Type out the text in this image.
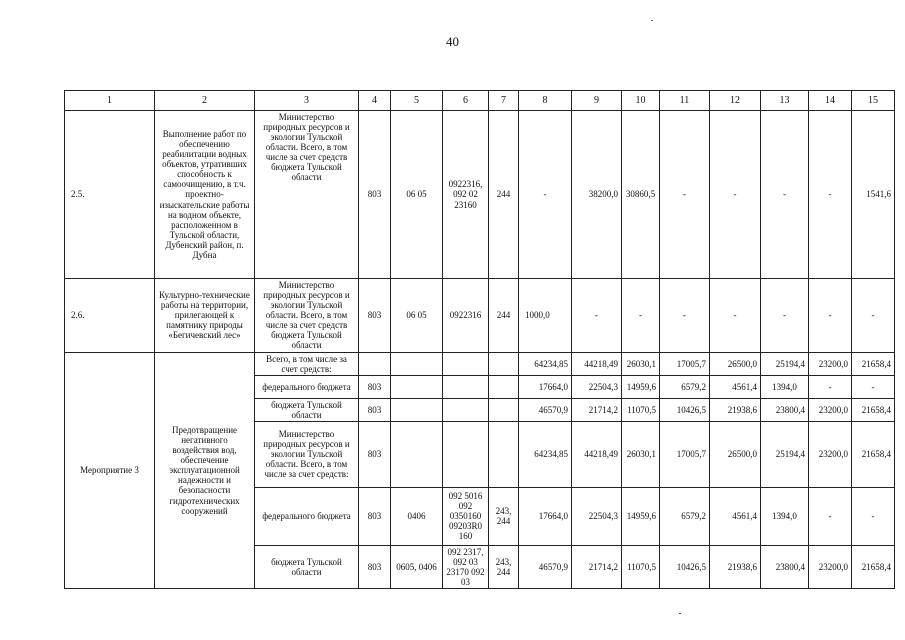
40
1	2	3	4	5	6	7	8	9	10	11	12	13	14	15
2.5.	Выполнение работ по обеспечению реабилитации водных объектов, утративших способность к самоочищению, в т.ч. проектно-изыскательские работы на водном объекте, расположенном в Тульской области, Дубенский район, п. Дубна	Министерство природных ресурсов и экологии Тульской области. Всего, в том числе за счет средств бюджета Тульской области	803	06 05	0922316, 092 02 23160	244	-	38200,0	30860,5	-	-	-	-	1541,6
2.6.	Культурно-технические работы на территории, прилегающей к памятнику природы «Бегичевский лес»	Министерство природных ресурсов и экологии Тульской области. Всего, в том числе за счет средств бюджета Тульской области	803	06 05	0922316	244	1000,0	-	-	-	-	-	-	-
Мероприятие 3	Предотвращение негативного воздействия вод, обеспечение эксплуатационной надежности и безопасности гидротехнических сооружений	Всего, в том числе за счет средств:					64234,85	44218,49	26030,1	17005,7	26500,0	25194,4	23200,0	21658,4
		федерального бюджета	803				17664,0	22504,3	14959,6	6579,2	4561,4	1394,0	-	-
		бюджета Тульской области	803				46570,9	21714,2	11070,5	10426,5	21938,6	23800,4	23200,0	21658,4
		Министерство природных ресурсов и экологии Тульской области. Всего, в том числе за счет средств:	803				64234,85	44218,49	26030,1	17005,7	26500,0	25194,4	23200,0	21658,4
		федерального бюджета	803	0406	092 5016 092 0350160 09203R0 160	243, 244	17664,0	22504,3	14959,6	6579,2	4561,4	1394,0	-	-
		бюджета Тульской области	803	0605, 0406	092 2317, 092 03 23170 092 03	243, 244	46570,9	21714,2	11070,5	10426,5	21938,6	23800,4	23200,0	21658,4
